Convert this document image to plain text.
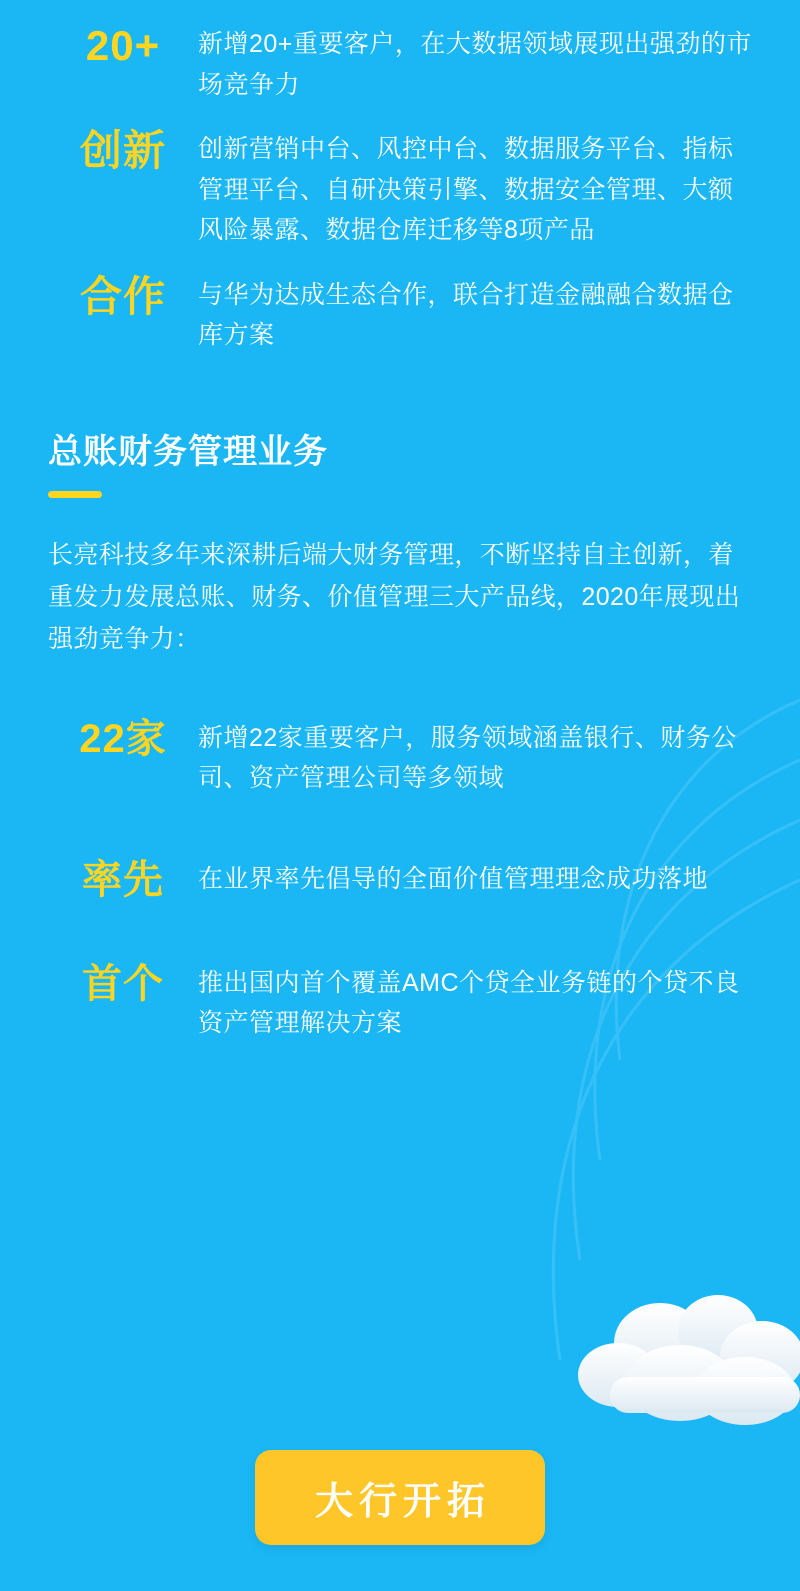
20+	新增20+重要客户，在大数据领域展现出强劲的市场竞争力
创新	创新营销中台、风控中台、数据服务平台、指标管理平台、自研决策引擎、数据安全管理、大额风险暴露、数据仓库迁移等8项产品
合作	与华为达成生态合作，联合打造金融融合数据仓库方案
总账财务管理业务
长亮科技多年来深耕后端大财务管理，不断坚持自主创新，着重发力发展总账、财务、价值管理三大产品线，2020年展现出强劲竞争力：
22家	新增22家重要客户，服务领域涵盖银行、财务公司、资产管理公司等多领域
率先	在业界率先倡导的全面价值管理理念成功落地
首个	推出国内首个覆盖AMC个贷全业务链的个贷不良资产管理解决方案
大行开拓
